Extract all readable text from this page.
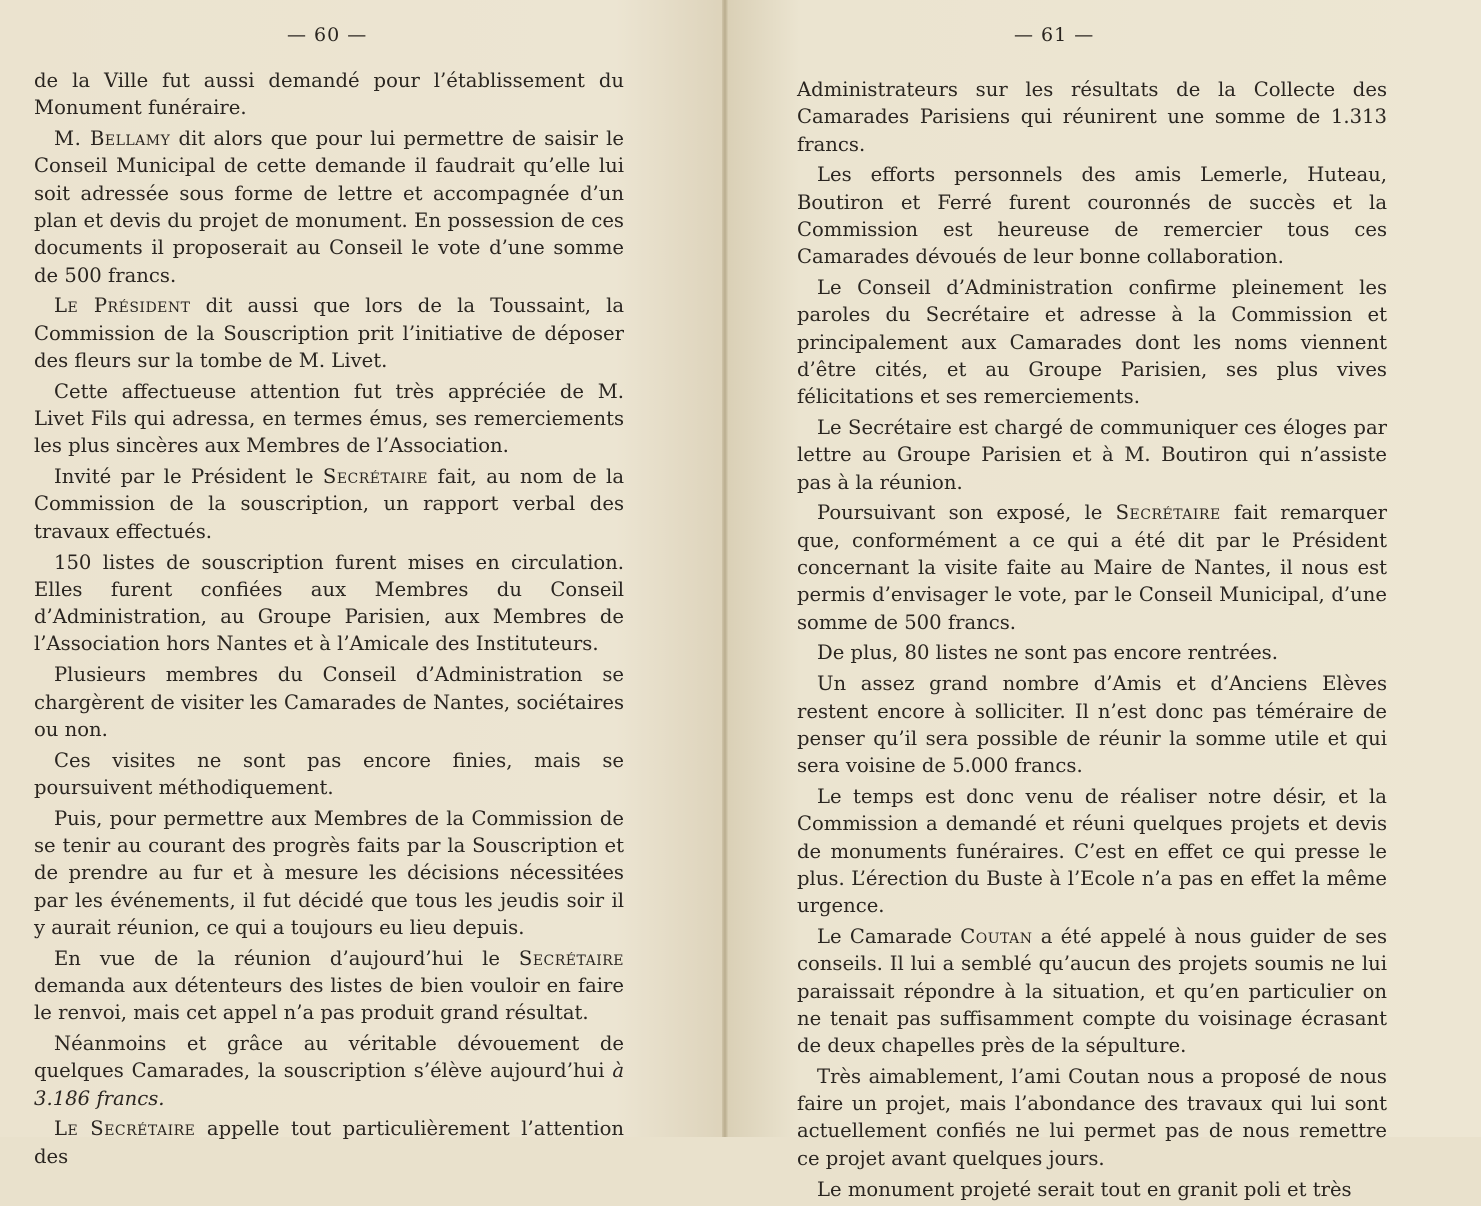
— 60 —

de la Ville fut aussi demandé pour l’établissement du Monument funéraire.

M. Bellamy dit alors que pour lui permettre de saisir le Conseil Municipal de cette demande il faudrait qu’elle lui soit adressée sous forme de lettre et accompagnée d’un plan et devis du projet de monument. En possession de ces documents il proposerait au Conseil le vote d’une somme de 500 francs.

Le Président dit aussi que lors de la Toussaint, la Commission de la Souscription prit l’initiative de déposer des fleurs sur la tombe de M. Livet.

Cette affectueuse attention fut très appréciée de M. Livet Fils qui adressa, en termes émus, ses remerciements les plus sincères aux Membres de l’Association.

Invité par le Président le Secrétaire fait, au nom de la Commission de la souscription, un rapport verbal des travaux effectués.

150 listes de souscription furent mises en circulation. Elles furent confiées aux Membres du Conseil d’Administration, au Groupe Parisien, aux Membres de l’Association hors Nantes et à l’Amicale des Instituteurs.

Plusieurs membres du Conseil d’Administration se chargèrent de visiter les Camarades de Nantes, sociétaires ou non.

Ces visites ne sont pas encore finies, mais se poursuivent méthodiquement.

Puis, pour permettre aux Membres de la Commission de se tenir au courant des progrès faits par la Souscription et de prendre au fur et à mesure les décisions nécessitées par les événements, il fut décidé que tous les jeudis soir il y aurait réunion, ce qui a toujours eu lieu depuis.

En vue de la réunion d’aujourd’hui le Secrétaire demanda aux détenteurs des listes de bien vouloir en faire le renvoi, mais cet appel n’a pas produit grand résultat.

Néanmoins et grâce au véritable dévouement de quelques Camarades, la souscription s’élève aujourd’hui à 3.186 francs.

Le Secrétaire appelle tout particulièrement l’attention des

— 61 —

Administrateurs sur les résultats de la Collecte des Camarades Parisiens qui réunirent une somme de 1.313 francs.

Les efforts personnels des amis Lemerle, Huteau, Boutiron et Ferré furent couronnés de succès et la Commission est heureuse de remercier tous ces Camarades dévoués de leur bonne collaboration.

Le Conseil d’Administration confirme pleinement les paroles du Secrétaire et adresse à la Commission et principalement aux Camarades dont les noms viennent d’être cités, et au Groupe Parisien, ses plus vives félicitations et ses remerciements.

Le Secrétaire est chargé de communiquer ces éloges par lettre au Groupe Parisien et à M. Boutiron qui n’assiste pas à la réunion.

Poursuivant son exposé, le Secrétaire fait remarquer que, conformément a ce qui a été dit par le Président concernant la visite faite au Maire de Nantes, il nous est permis d’envisager le vote, par le Conseil Municipal, d’une somme de 500 francs.

De plus, 80 listes ne sont pas encore rentrées.

Un assez grand nombre d’Amis et d’Anciens Elèves restent encore à solliciter. Il n’est donc pas téméraire de penser qu’il sera possible de réunir la somme utile et qui sera voisine de 5.000 francs.

Le temps est donc venu de réaliser notre désir, et la Commission a demandé et réuni quelques projets et devis de monuments funéraires. C’est en effet ce qui presse le plus. L’érection du Buste à l’Ecole n’a pas en effet la même urgence.

Le Camarade Coutan a été appelé à nous guider de ses conseils. Il lui a semblé qu’aucun des projets soumis ne lui paraissait répondre à la situation, et qu’en particulier on ne tenait pas suffisamment compte du voisinage écrasant de deux chapelles près de la sépulture.

Très aimablement, l’ami Coutan nous a proposé de nous faire un projet, mais l’abondance des travaux qui lui sont actuellement confiés ne lui permet pas de nous remettre ce projet avant quelques jours.

Le monument projeté serait tout en granit poli et très
